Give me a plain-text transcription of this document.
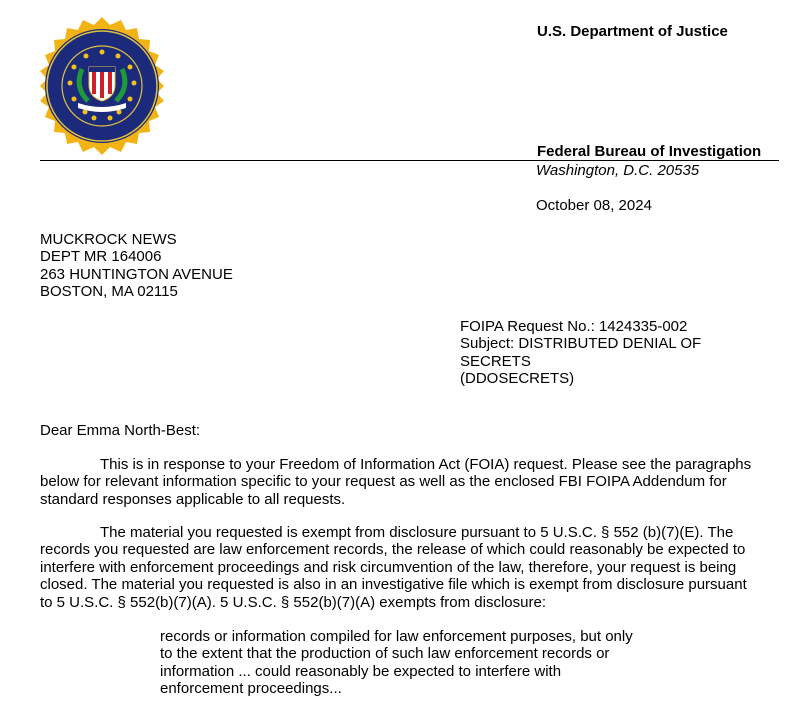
U.S. Department of Justice
Federal Bureau of Investigation
Washington, D.C. 20535
October 08, 2024
MUCKROCK NEWS
DEPT MR 164006
263 HUNTINGTON AVENUE
BOSTON, MA 02115
FOIPA Request No.: 1424335-002
Subject: DISTRIBUTED DENIAL OF
SECRETS
(DDOSECRETS)
Dear Emma North-Best:
This is in response to your Freedom of Information Act (FOIA) request. Please see the paragraphs
below for relevant information specific to your request as well as the enclosed FBI FOIPA Addendum for
standard responses applicable to all requests.
The material you requested is exempt from disclosure pursuant to 5 U.S.C. § 552 (b)(7)(E). The
records you requested are law enforcement records, the release of which could reasonably be expected to
interfere with enforcement proceedings and risk circumvention of the law, therefore, your request is being
closed. The material you requested is also in an investigative file which is exempt from disclosure pursuant
to 5 U.S.C. § 552(b)(7)(A). 5 U.S.C. § 552(b)(7)(A) exempts from disclosure:
records or information compiled for law enforcement purposes, but only
to the extent that the production of such law enforcement records or
information ... could reasonably be expected to interfere with
enforcement proceedings...
